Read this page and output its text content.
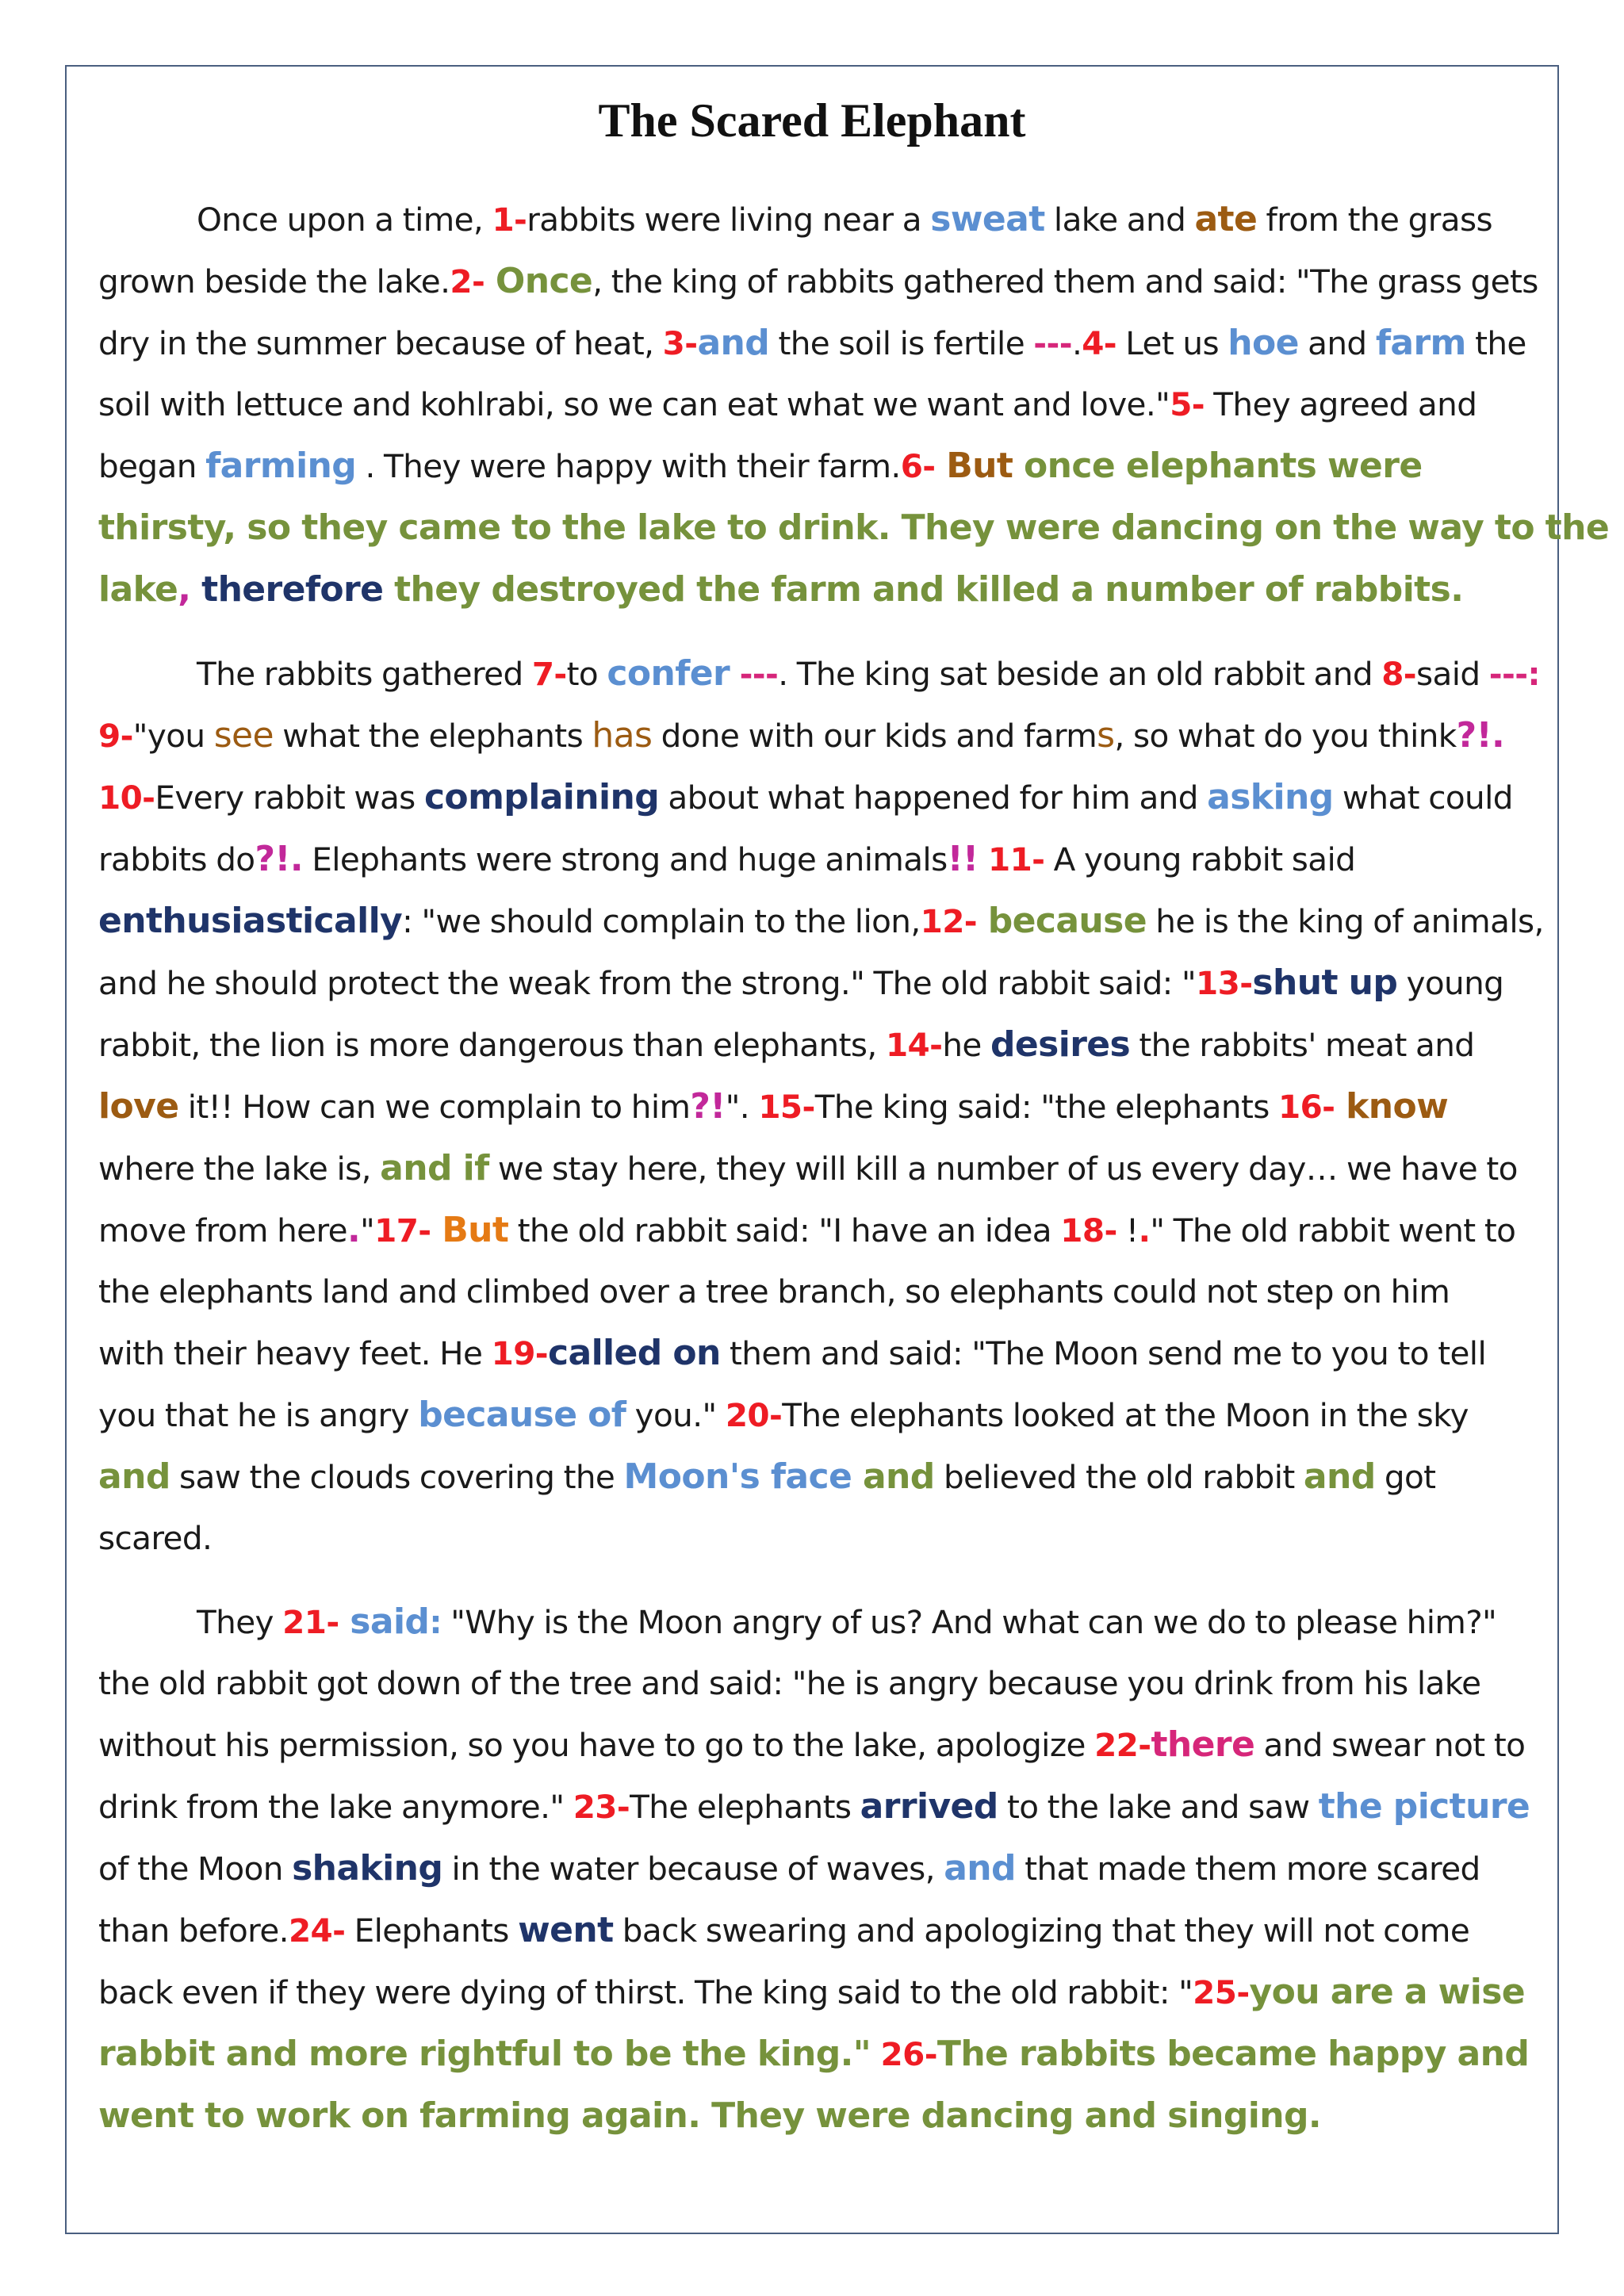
The Scared Elephant
Once upon a time, 1-rabbits were living near a sweat lake and ate from the grass
grown beside the lake.2- Once, the king of rabbits gathered them and said: "The grass gets
dry in the summer because of heat, 3-and the soil is fertile ---.4- Let us hoe and farm the
soil with lettuce and kohlrabi, so we can eat what we want and love."5- They agreed and
began farming . They were happy with their farm.6- But once elephants were
thirsty, so they came to the lake to drink. They were dancing on the way to the
lake, therefore they destroyed the farm and killed a number of rabbits.
The rabbits gathered 7-to confer ---. The king sat beside an old rabbit and 8-said ---:
9-"you see what the elephants has done with our kids and farms, so what do you think?!.
10-Every rabbit was complaining about what happened for him and asking what could
rabbits do?!. Elephants were strong and huge animals!! 11- A young rabbit said
enthusiastically: "we should complain to the lion,12- because he is the king of animals,
and he should protect the weak from the strong." The old rabbit said: "13-shut up young
rabbit, the lion is more dangerous than elephants, 14-he desires the rabbits' meat and
love it!! How can we complain to him?!". 15-The king said: "the elephants 16- know
where the lake is, and if we stay here, they will kill a number of us every day… we have to
move from here."17- But the old rabbit said: "I have an idea 18- !." The old rabbit went to
the elephants land and climbed over a tree branch, so elephants could not step on him
with their heavy feet. He 19-called on them and said: "The Moon send me to you to tell
you that he is angry because of you." 20-The elephants looked at the Moon in the sky
and saw the clouds covering the Moon's face and believed the old rabbit and got
scared.
They 21- said: "Why is the Moon angry of us? And what can we do to please him?"
the old rabbit got down of the tree and said: "he is angry because you drink from his lake
without his permission, so you have to go to the lake, apologize 22-there and swear not to
drink from the lake anymore." 23-The elephants arrived to the lake and saw the picture
of the Moon shaking in the water because of waves, and that made them more scared
than before.24- Elephants went back swearing and apologizing that they will not come
back even if they were dying of thirst. The king said to the old rabbit: "25-you are a wise
rabbit and more rightful to be the king." 26-The rabbits became happy and
went to work on farming again. They were dancing and singing.
